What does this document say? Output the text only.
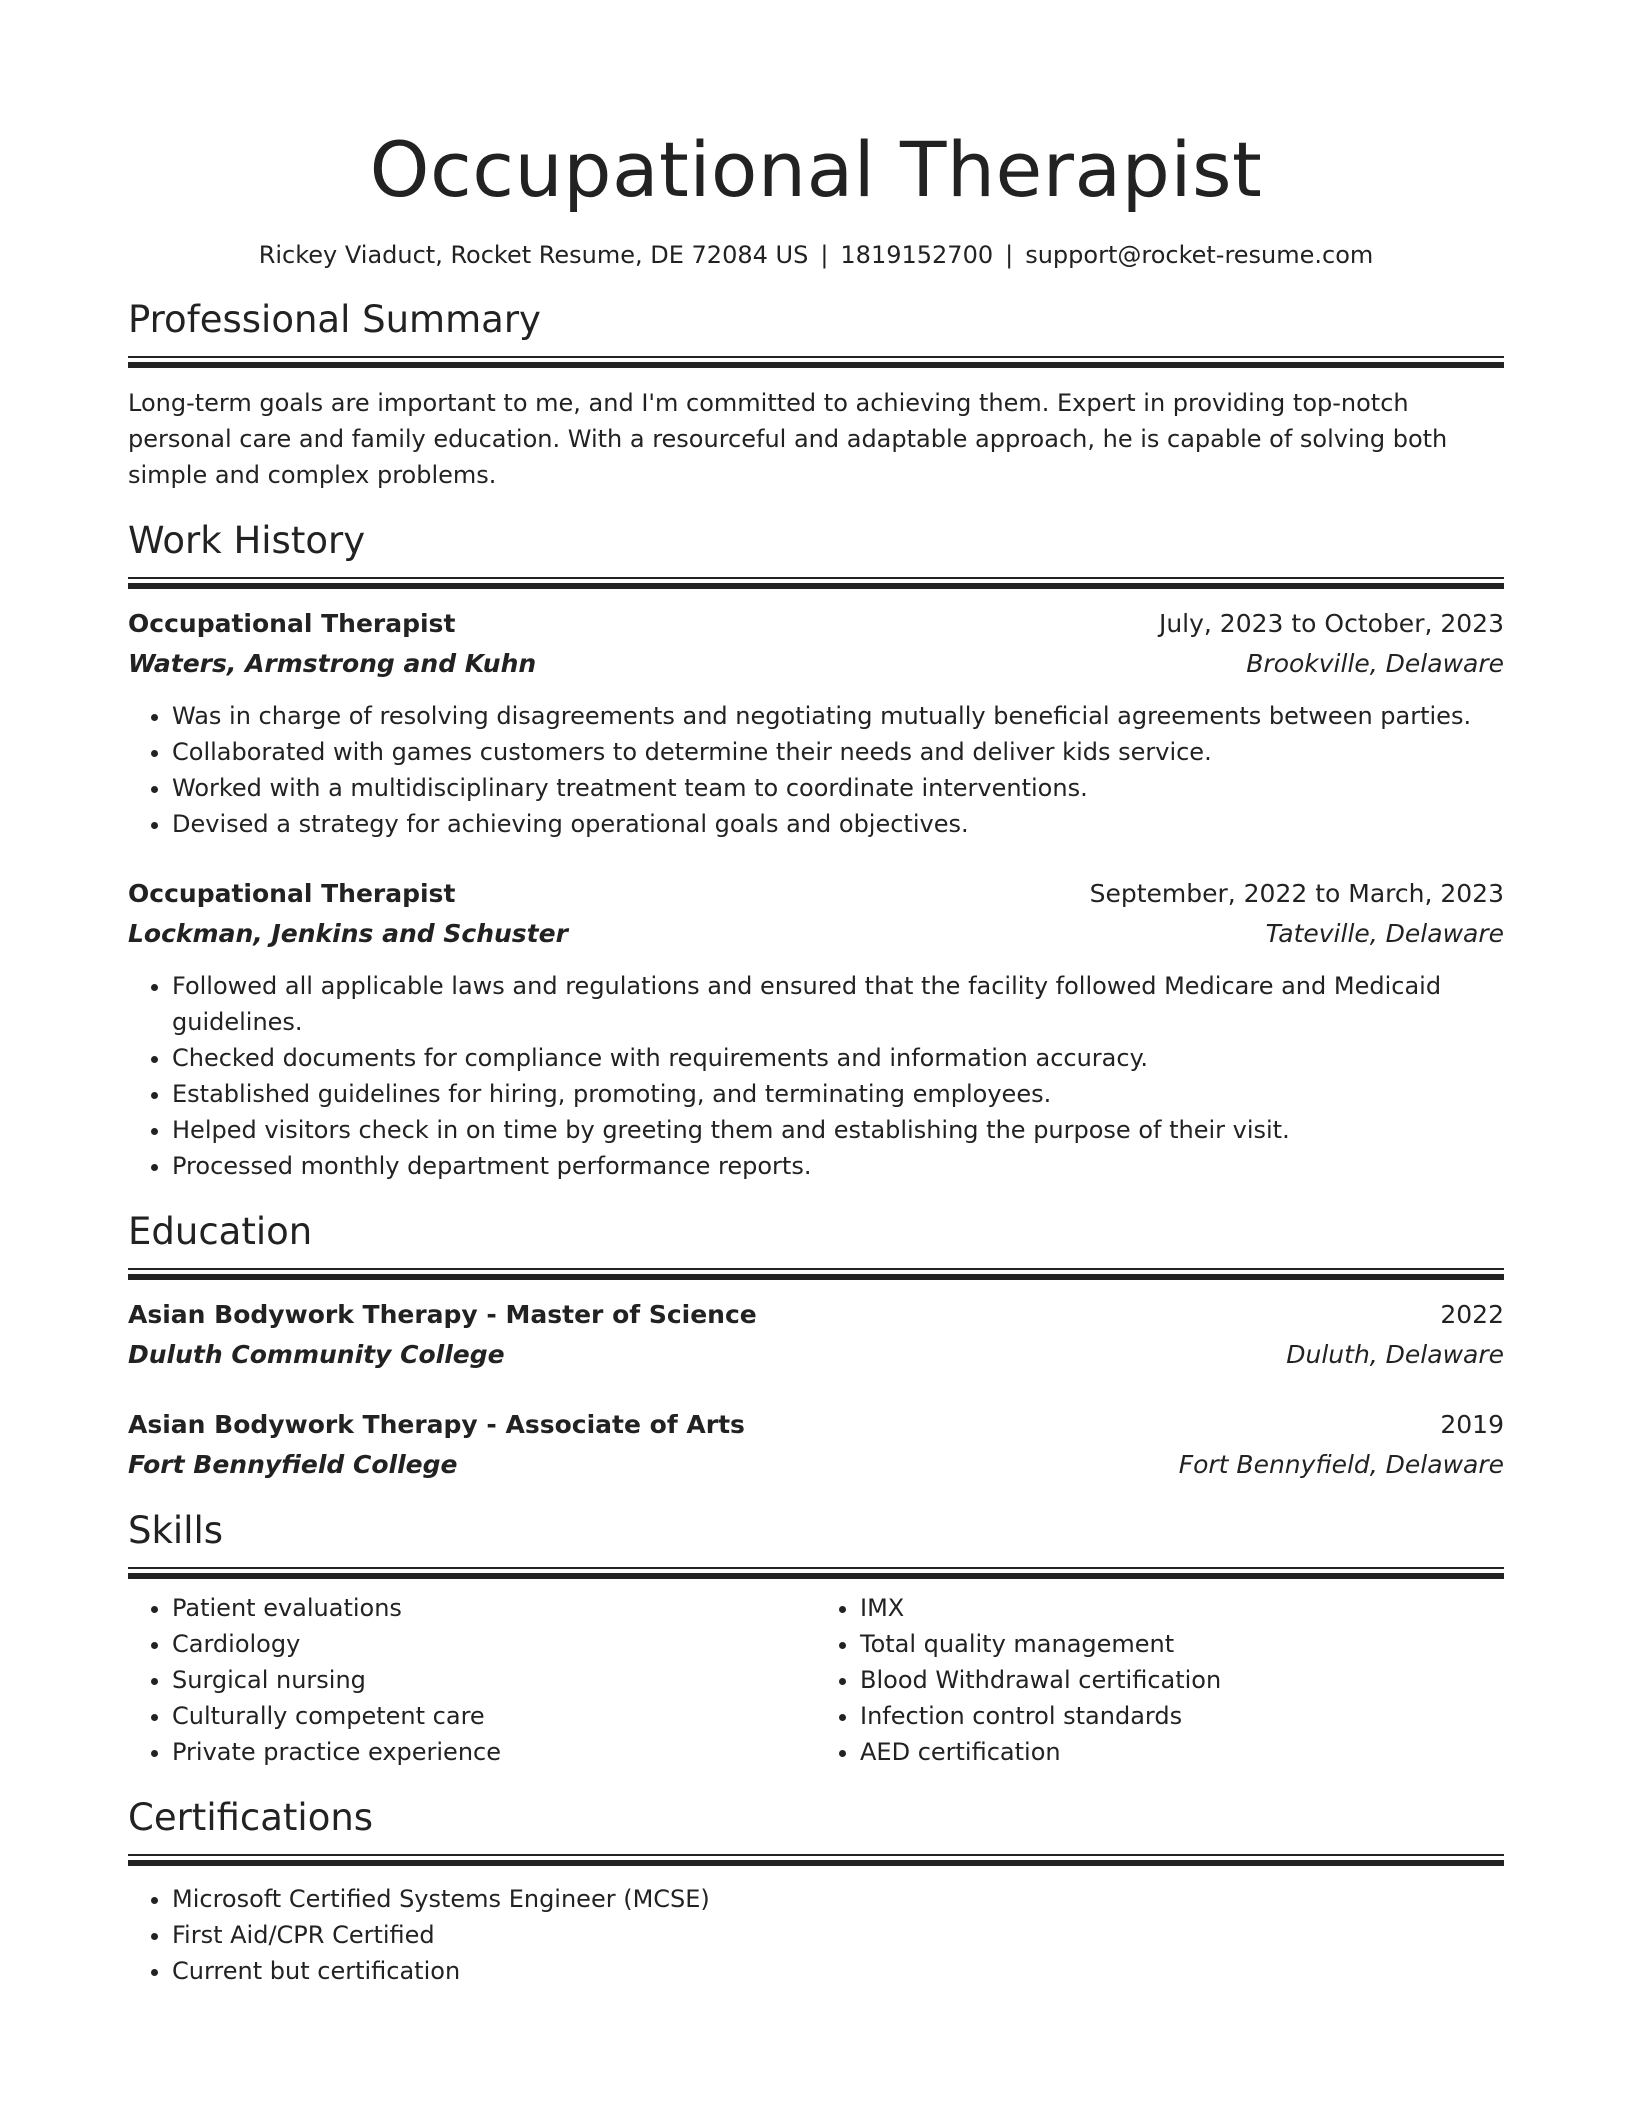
Occupational Therapist
Rickey Viaduct, Rocket Resume, DE 72084 US | 1819152700 | support@rocket-resume.com
Professional Summary
Long-term goals are important to me, and I'm committed to achieving them. Expert in providing top-notch personal care and family education. With a resourceful and adaptable approach, he is capable of solving both simple and complex problems.
Work History
Occupational Therapist	July, 2023 to October, 2023
Waters, Armstrong and Kuhn	Brookville, Delaware
• Was in charge of resolving disagreements and negotiating mutually beneficial agreements between parties.
• Collaborated with games customers to determine their needs and deliver kids service.
• Worked with a multidisciplinary treatment team to coordinate interventions.
• Devised a strategy for achieving operational goals and objectives.
Occupational Therapist	September, 2022 to March, 2023
Lockman, Jenkins and Schuster	Tateville, Delaware
• Followed all applicable laws and regulations and ensured that the facility followed Medicare and Medicaid guidelines.
• Checked documents for compliance with requirements and information accuracy.
• Established guidelines for hiring, promoting, and terminating employees.
• Helped visitors check in on time by greeting them and establishing the purpose of their visit.
• Processed monthly department performance reports.
Education
Asian Bodywork Therapy - Master of Science	2022
Duluth Community College	Duluth, Delaware
Asian Bodywork Therapy - Associate of Arts	2019
Fort Bennyfield College	Fort Bennyfield, Delaware
Skills
• Patient evaluations
• Cardiology
• Surgical nursing
• Culturally competent care
• Private practice experience
• IMX
• Total quality management
• Blood Withdrawal certification
• Infection control standards
• AED certification
Certifications
• Microsoft Certified Systems Engineer (MCSE)
• First Aid/CPR Certified
• Current but certification
